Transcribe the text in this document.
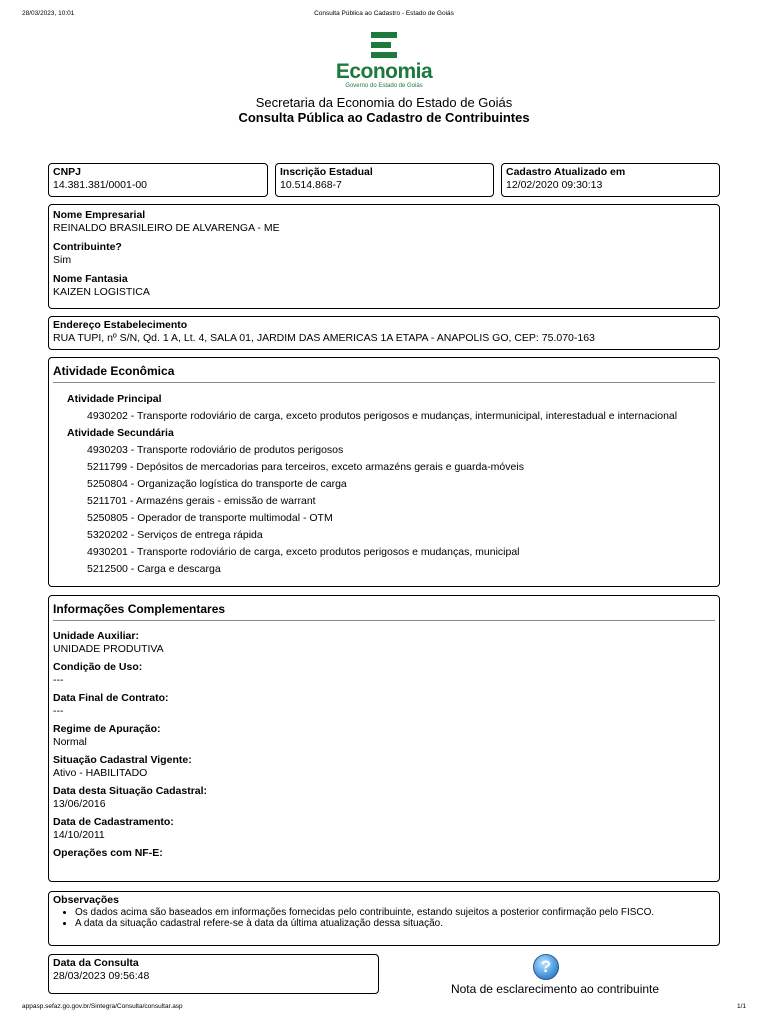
28/03/2023, 10:01	Consulta Pública ao Cadastro - Estado de Goiás
Economia
Governo do Estado de Goiás
Secretaria da Economia do Estado de Goiás
Consulta Pública ao Cadastro de Contribuintes
CNPJ
14.381.381/0001-00
Inscrição Estadual
10.514.868-7
Cadastro Atualizado em
12/02/2020 09:30:13
Nome Empresarial
REINALDO BRASILEIRO DE ALVARENGA - ME
Contribuinte?
Sim
Nome Fantasia
KAIZEN LOGISTICA
Endereço Estabelecimento
RUA TUPI, nº S/N, Qd. 1 A, Lt. 4, SALA 01, JARDIM DAS AMERICAS 1A ETAPA - ANAPOLIS GO, CEP: 75.070-163
Atividade Econômica
Atividade Principal
4930202 - Transporte rodoviário de carga, exceto produtos perigosos e mudanças, intermunicipal, interestadual e internacional
Atividade Secundária
4930203 - Transporte rodoviário de produtos perigosos
5211799 - Depósitos de mercadorias para terceiros, exceto armazéns gerais e guarda-móveis
5250804 - Organização logística do transporte de carga
5211701 - Armazéns gerais - emissão de warrant
5250805 - Operador de transporte multimodal - OTM
5320202 - Serviços de entrega rápida
4930201 - Transporte rodoviário de carga, exceto produtos perigosos e mudanças, municipal
5212500 - Carga e descarga
Informações Complementares
Unidade Auxiliar:
UNIDADE PRODUTIVA
Condição de Uso:
---
Data Final de Contrato:
---
Regime de Apuração:
Normal
Situação Cadastral Vigente:
Ativo - HABILITADO
Data desta Situação Cadastral:
13/06/2016
Data de Cadastramento:
14/10/2011
Operações com NF-E:
Observações
• Os dados acima são baseados em informações fornecidas pelo contribuinte, estando sujeitos a posterior confirmação pelo FISCO.
• A data da situação cadastral refere-se à data da última atualização dessa situação.
Data da Consulta
28/03/2023 09:56:48	?
Nota de esclarecimento ao contribuinte
appasp.sefaz.go.gov.br/Sintegra/Consulta/consultar.asp	1/1
